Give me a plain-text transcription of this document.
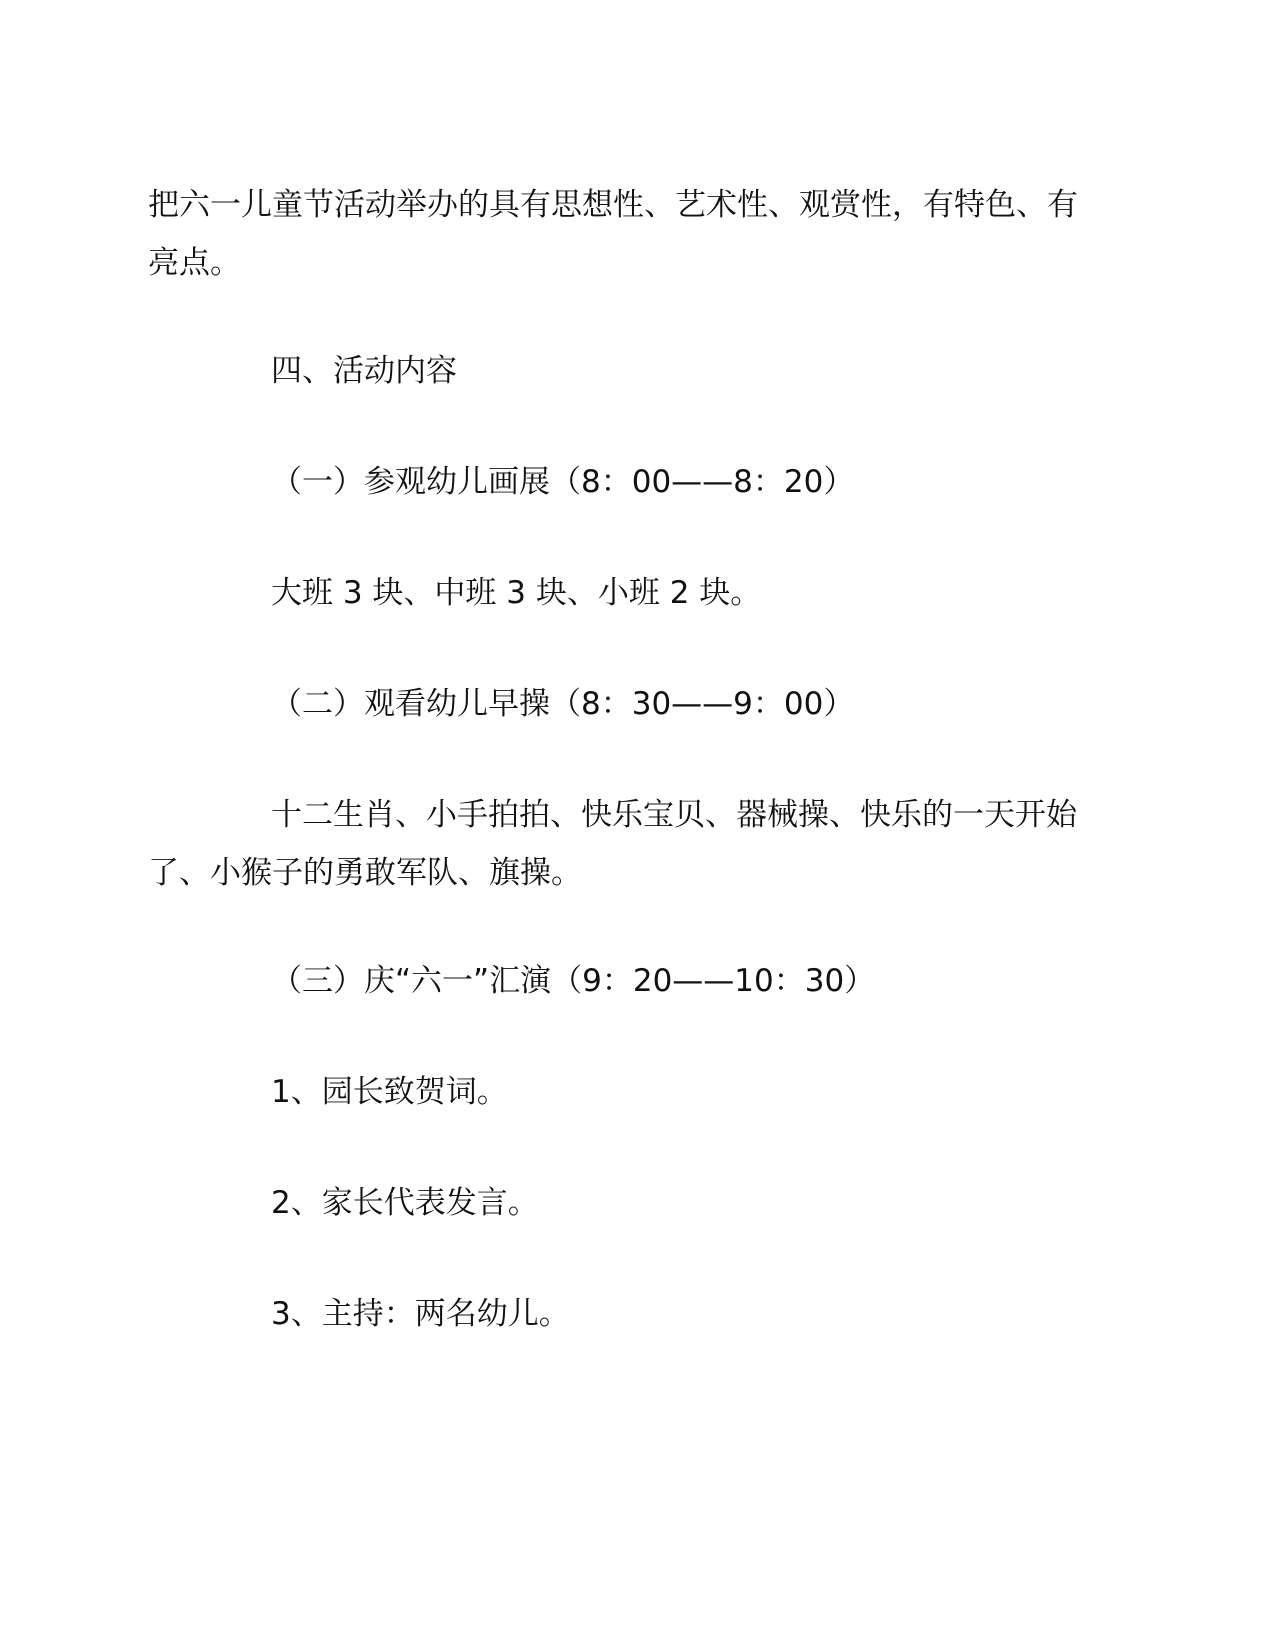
把六一儿童节活动举办的具有思想性、艺术性、观赏性，有特色、有亮点。

四、活动内容

（一）参观幼儿画展（8：00——8：20）

大班 3 块、中班 3 块、小班 2 块。

（二）观看幼儿早操（8：30——9：00）

十二生肖、小手拍拍、快乐宝贝、器械操、快乐的一天开始了、小猴子的勇敢军队、旗操。

（三）庆“六一”汇演（9：20——10：30）

1、园长致贺词。

2、家长代表发言。

3、主持：两名幼儿。
